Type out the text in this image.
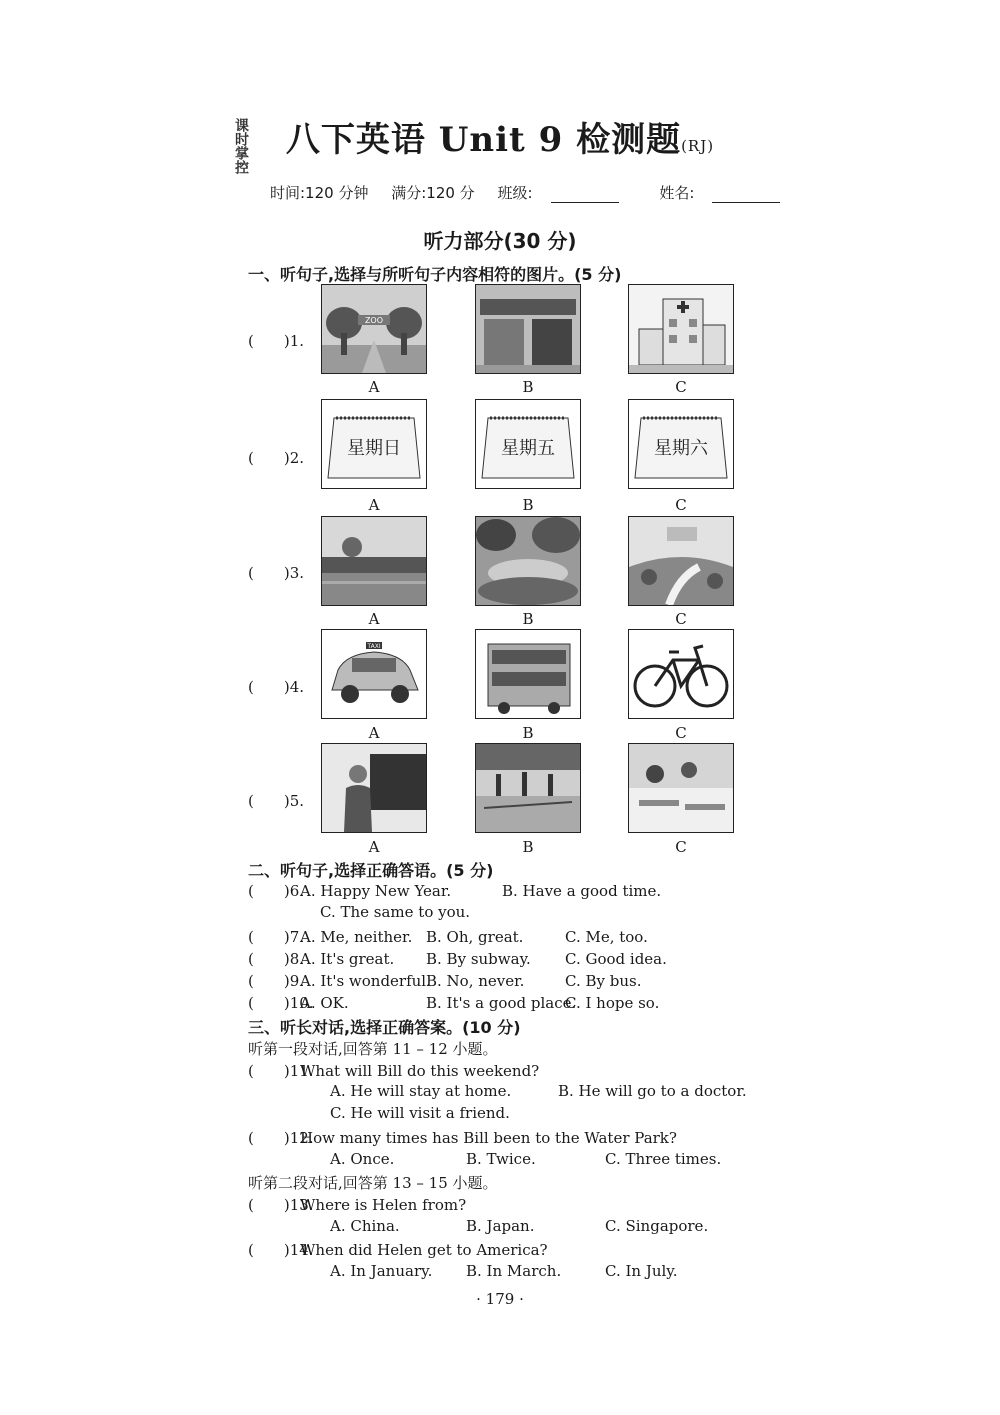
课时掌控	八下英语 Unit 9 检测题(RJ)
时间:120 分钟 满分:120 分 班级:	姓名:
听力部分(30 分)
一、听句子,选择与所听句子内容相符的图片。(5 分)
(　　)1.
ZOO
A	B	C
(　　)2. 星期日	星期五	星期六
A	B	C
(　　)3.
A	B	C
(　　)4.
TAXI
A	B	C
(　　)5.
A	B	C
二、听句子,选择正确答语。(5 分)
(　　)6.A. Happy New Year.	B. Have a good time.
C. The same to you.
(　　)7.A. Me, neither. B. Oh, great.	C. Me, too.
(　　)8.A. It's great. B. By subway. C. Good idea.
(　　)9.A. It's wonderful.B. No, never.	C. By bus.
(　　)10.A. OK.	B. It's a good place.C. I hope so.
三、听长对话,选择正确答案。(10 分)
听第一段对话,回答第 11 – 12 小题。
(　　)11.What will Bill do this weekend?
A. He will stay at home.	B. He will go to a doctor.
C. He will visit a friend.
(　　)12.How many times has Bill been to the Water Park?
A. Once.	B. Twice.	C. Three times.
听第二段对话,回答第 13 – 15 小题。
(　　)13.Where is Helen from?
A. China.	B. Japan.	C. Singapore.
(　　)14.When did Helen get to America?
A. In January. B. In March.	C. In July.
· 179 ·
